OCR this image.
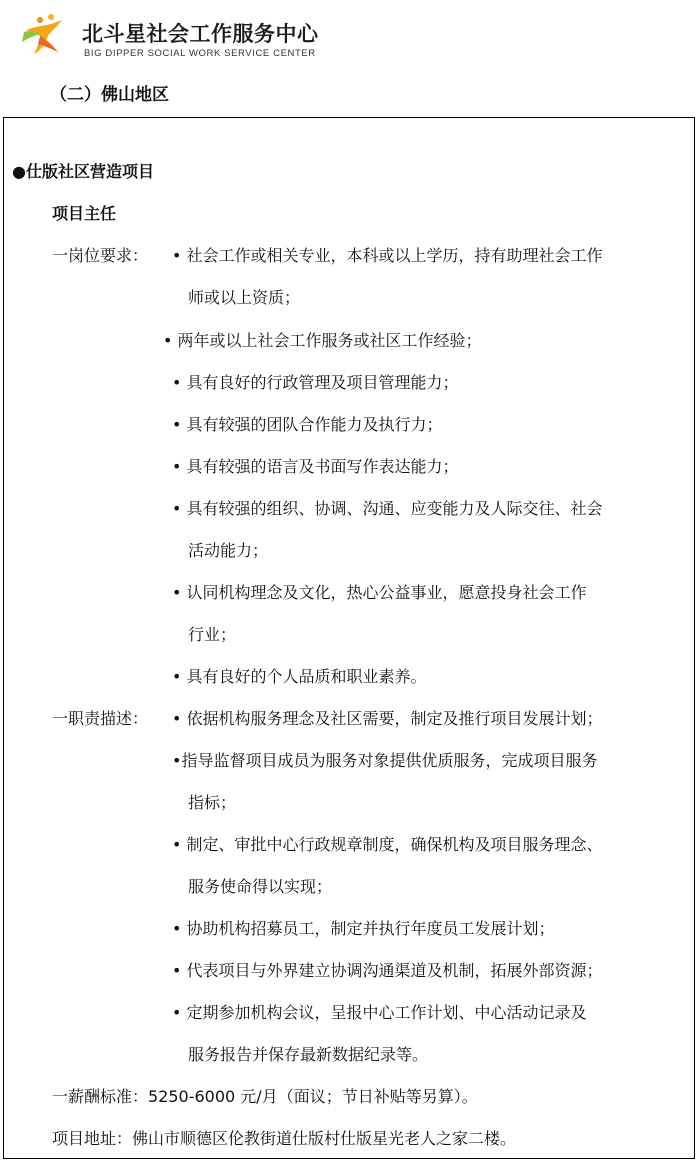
北斗星社会工作服务中心
BIG DIPPER SOCIAL WORK SERVICE CENTER
（二）佛山地区
●仕版社区营造项目
项目主任
一岗位要求： • 社会工作或相关专业，本科或以上学历，持有助理社会工作
师或以上资质；
• 两年或以上社会工作服务或社区工作经验；
• 具有良好的行政管理及项目管理能力；
• 具有较强的团队合作能力及执行力；
• 具有较强的语言及书面写作表达能力；
• 具有较强的组织、协调、沟通、应变能力及人际交往、社会
活动能力；
• 认同机构理念及文化，热心公益事业，愿意投身社会工作
行业；
• 具有良好的个人品质和职业素养。
一职责描述： • 依据机构服务理念及社区需要，制定及推行项目发展计划；
•指导监督项目成员为服务对象提供优质服务，完成项目服务
指标；
• 制定、审批中心行政规章制度，确保机构及项目服务理念、
服务使命得以实现；
• 协助机构招募员工，制定并执行年度员工发展计划；
• 代表项目与外界建立协调沟通渠道及机制，拓展外部资源；
• 定期参加机构会议，呈报中心工作计划、中心活动记录及
服务报告并保存最新数据纪录等。
一薪酬标准：5250-6000 元/月（面议；节日补贴等另算）。
项目地址：佛山市顺德区伦教街道仕版村仕版星光老人之家二楼。
